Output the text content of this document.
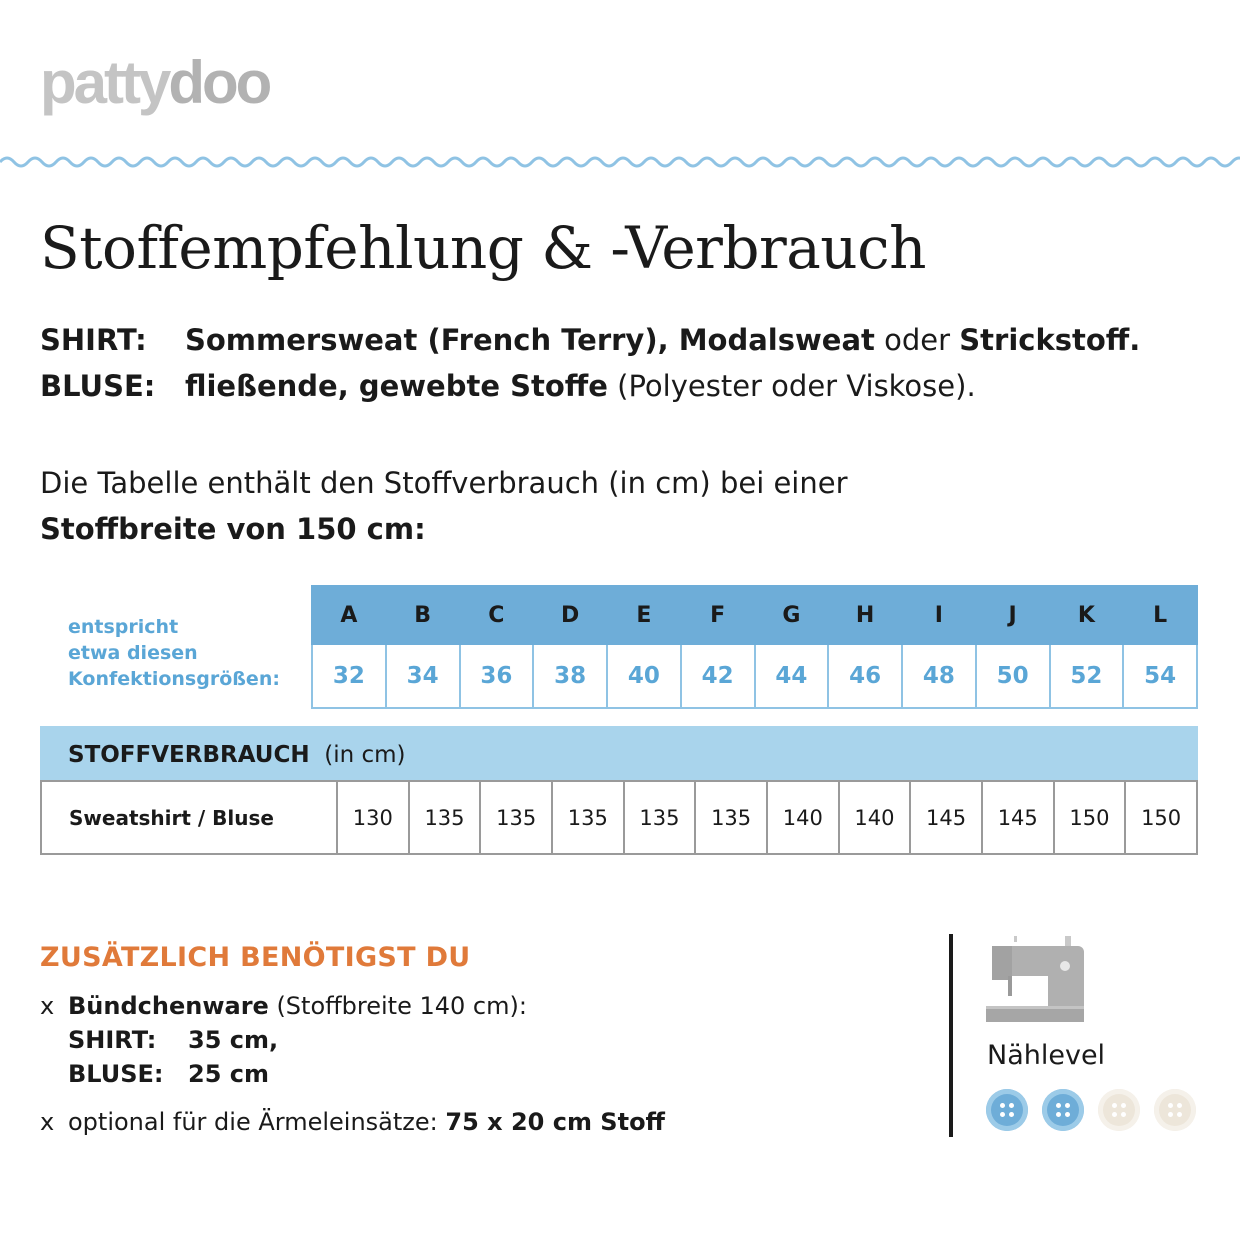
pattydoo
Stoffempfehlung & -Verbrauch
SHIRT: Sommersweat (French Terry), Modalsweat oder Strickstoff.
BLUSE: fließende, gewebte Stoffe (Polyester oder Viskose).
Die Tabelle enthält den Stoffverbrauch (in cm) bei einer
Stoffbreite von 150 cm:
entspricht
etwa diesen
Konfektionsgrößen:
A	B	C	D	E	F	G	H	I	J	K	L
32	34	36	38	40	42	44	46	48	50	52	54
STOFFVERBRAUCH (in cm)
Sweatshirt / Bluse	130	135	135	135	135	135	140	140	145	145	150	150
ZUSÄTZLICH BENÖTIGST DU
x Bündchenware (Stoffbreite 140 cm):
SHIRT: 35 cm,
BLUSE: 25 cm
x optional für die Ärmeleinsätze: 75 x 20 cm Stoff
Nählevel
